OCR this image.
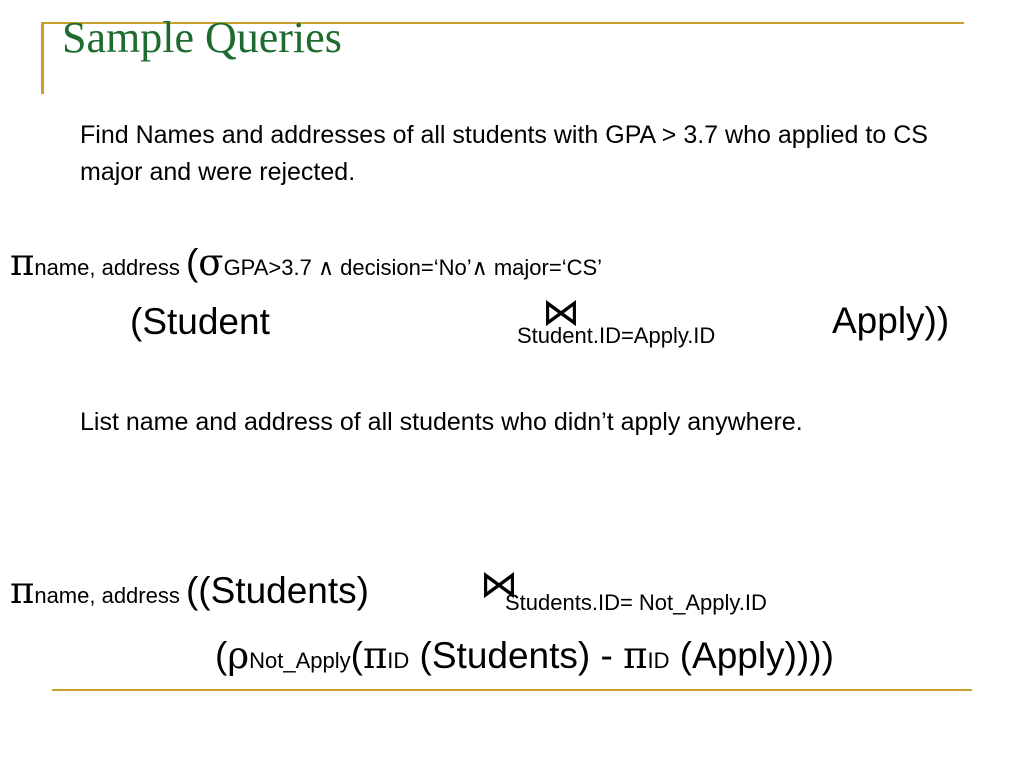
Sample Queries
Find Names and addresses of all students with GPA > 3.7 who applied to CS major and were rejected.
πname, address (σGPA>3.7 ∧ decision=‘No’∧ major=‘CS’
(Student	⋈
Student.ID=Apply.ID	Apply))
List name and address of all students who didn’t apply anywhere.
πname, address ((Students)	⋈
Students.ID= Not_Apply.ID
(ρNot_Apply(πID (Students) - πID (Apply))))
